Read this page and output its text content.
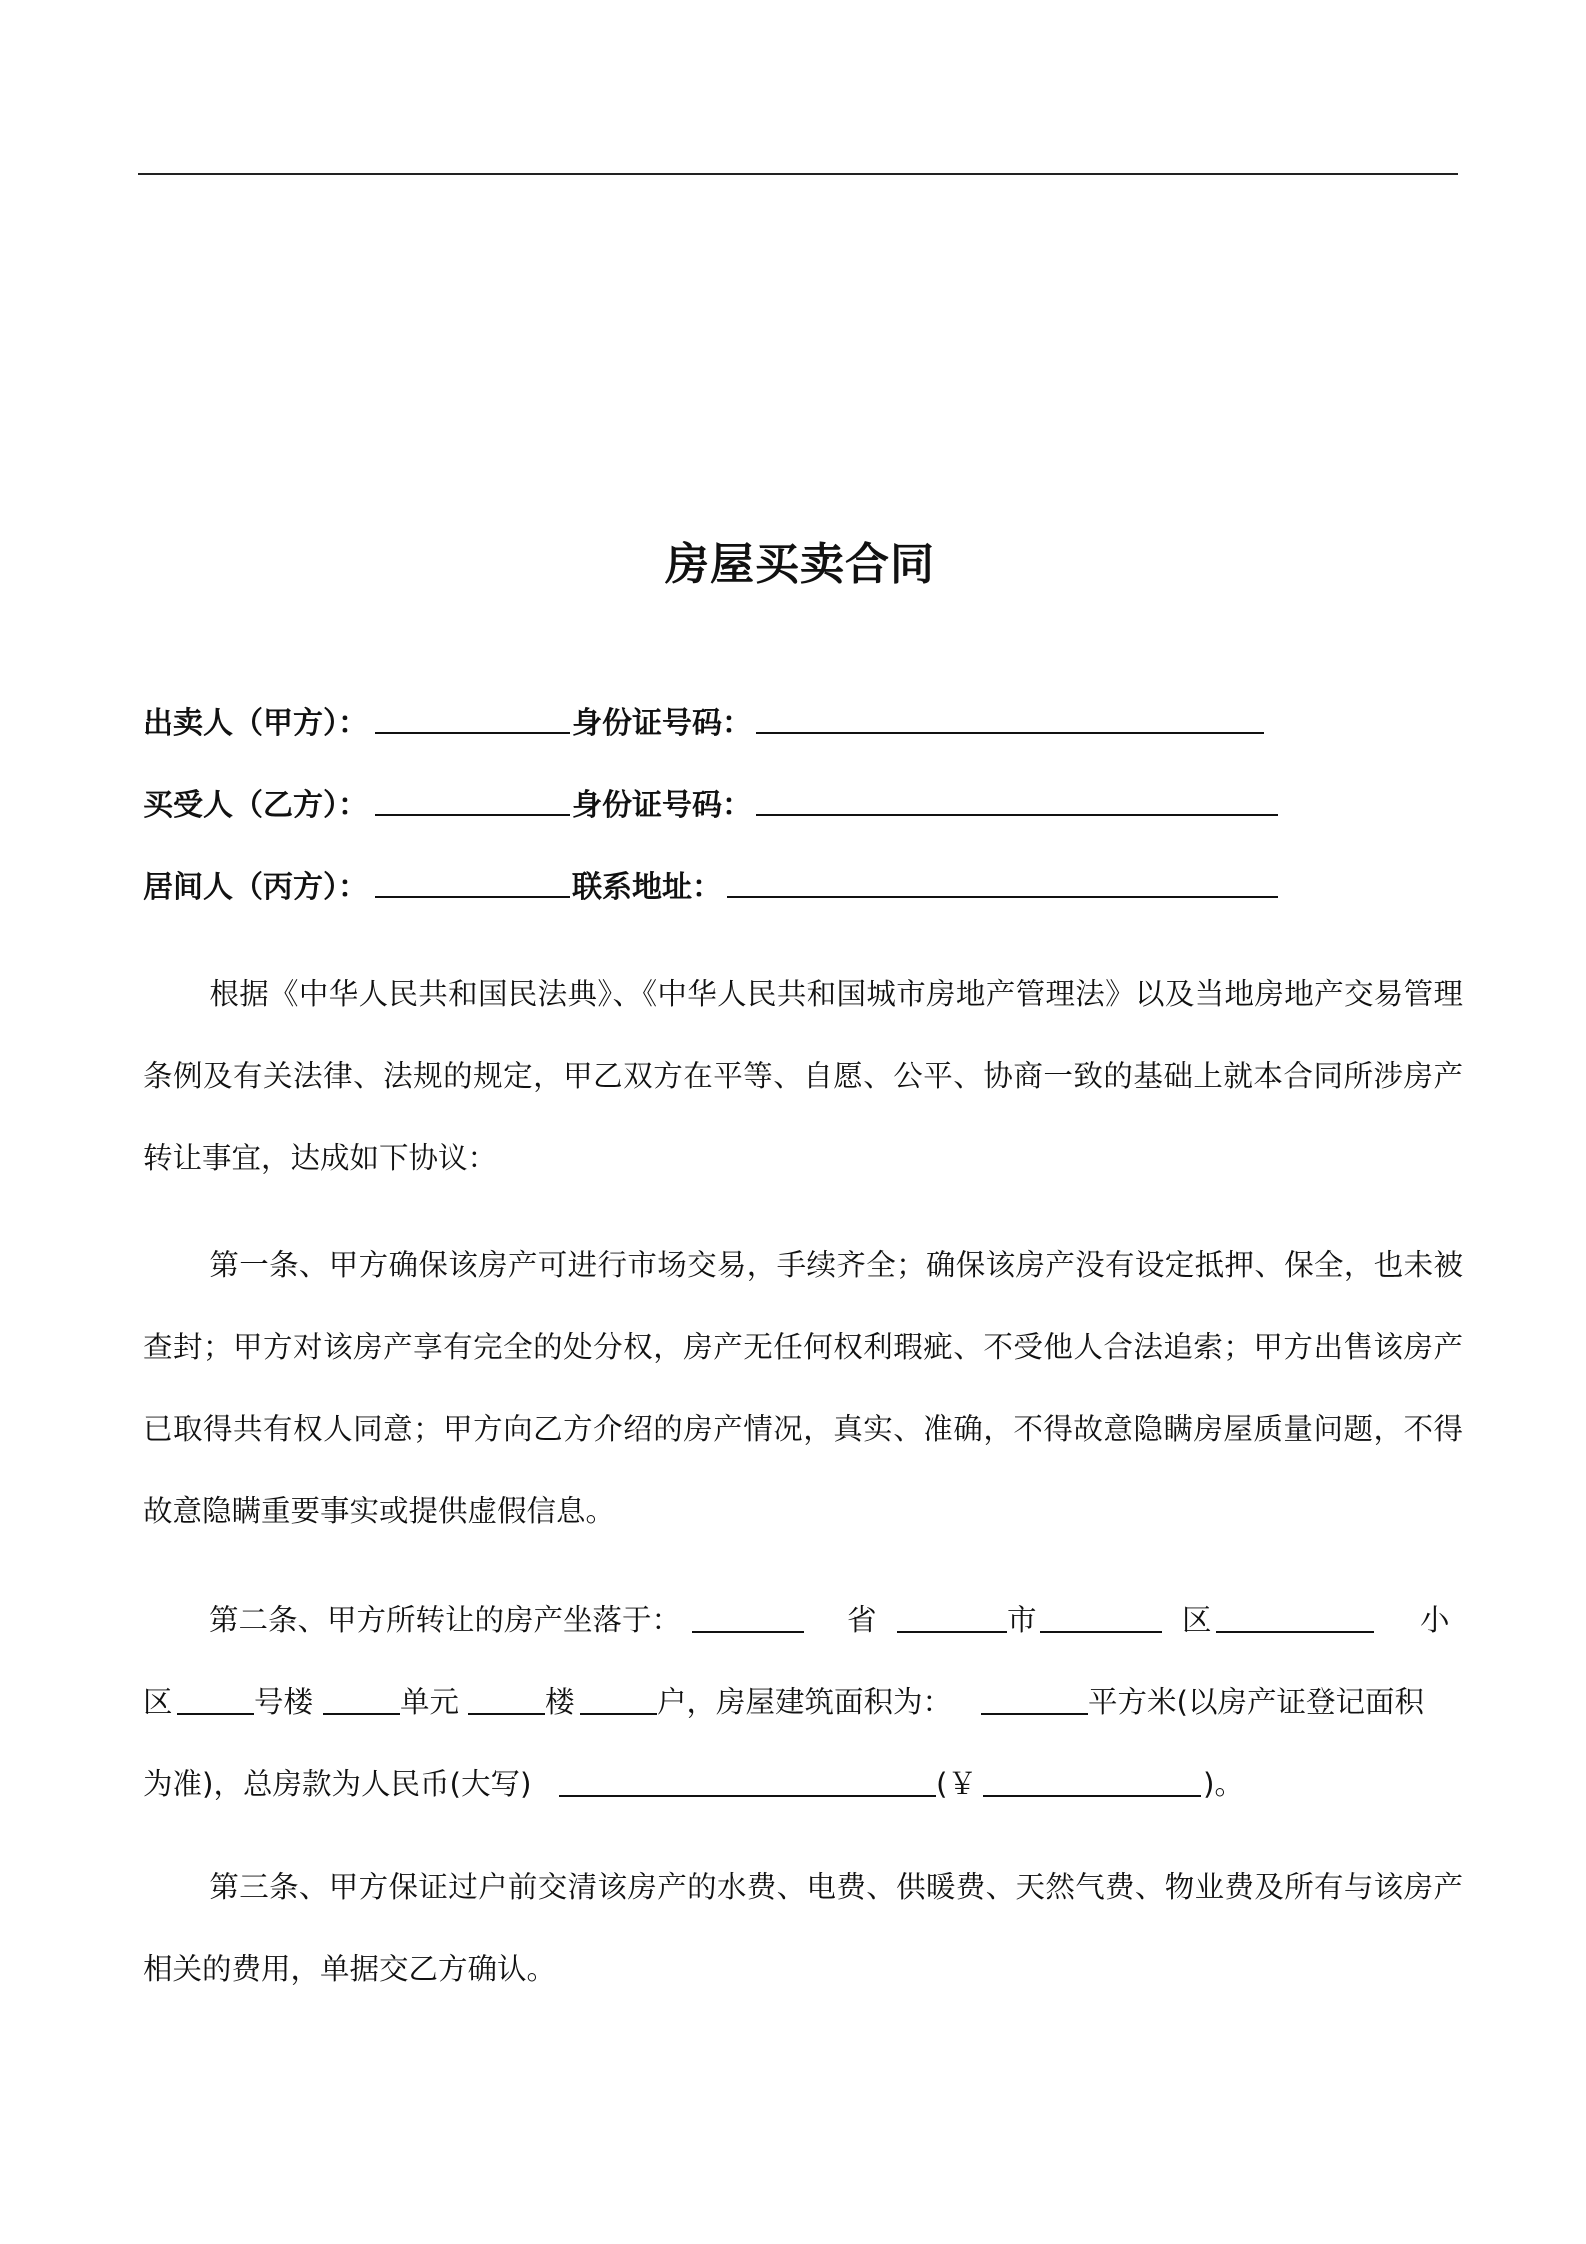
房屋买卖合同
出卖人（甲方）：	身份证号码：
买受人（乙方）：	身份证号码：
居间人（丙方）：	联系地址：
根据《中华人民共和国民法典》、《中华人民共和国城市房地产管理法》以及当地房地产交易管理条例及有关法律、法规的规定，甲乙双方在平等、自愿、公平、协商一致的基础上就本合同所涉房产转让事宜，达成如下协议：
第一条、甲方确保该房产可进行市场交易，手续齐全；确保该房产没有设定抵押、保全，也未被查封；甲方对该房产享有完全的处分权，房产无任何权利瑕疵、不受他人合法追索；甲方出售该房产已取得共有权人同意；甲方向乙方介绍的房产情况，真实、准确，不得故意隐瞒房屋质量问题，不得故意隐瞒重要事实或提供虚假信息。
第二条、甲方所转让的房产坐落于：	省	市	区	小
区	号楼	单元	楼	户，房屋建筑面积为：	平方米(以房产证登记面积
为准)，总房款为人民币(大写)	(￥	)。
第三条、甲方保证过户前交清该房产的水费、电费、供暖费、天然气费、物业费及所有与该房产相关的费用，单据交乙方确认。
